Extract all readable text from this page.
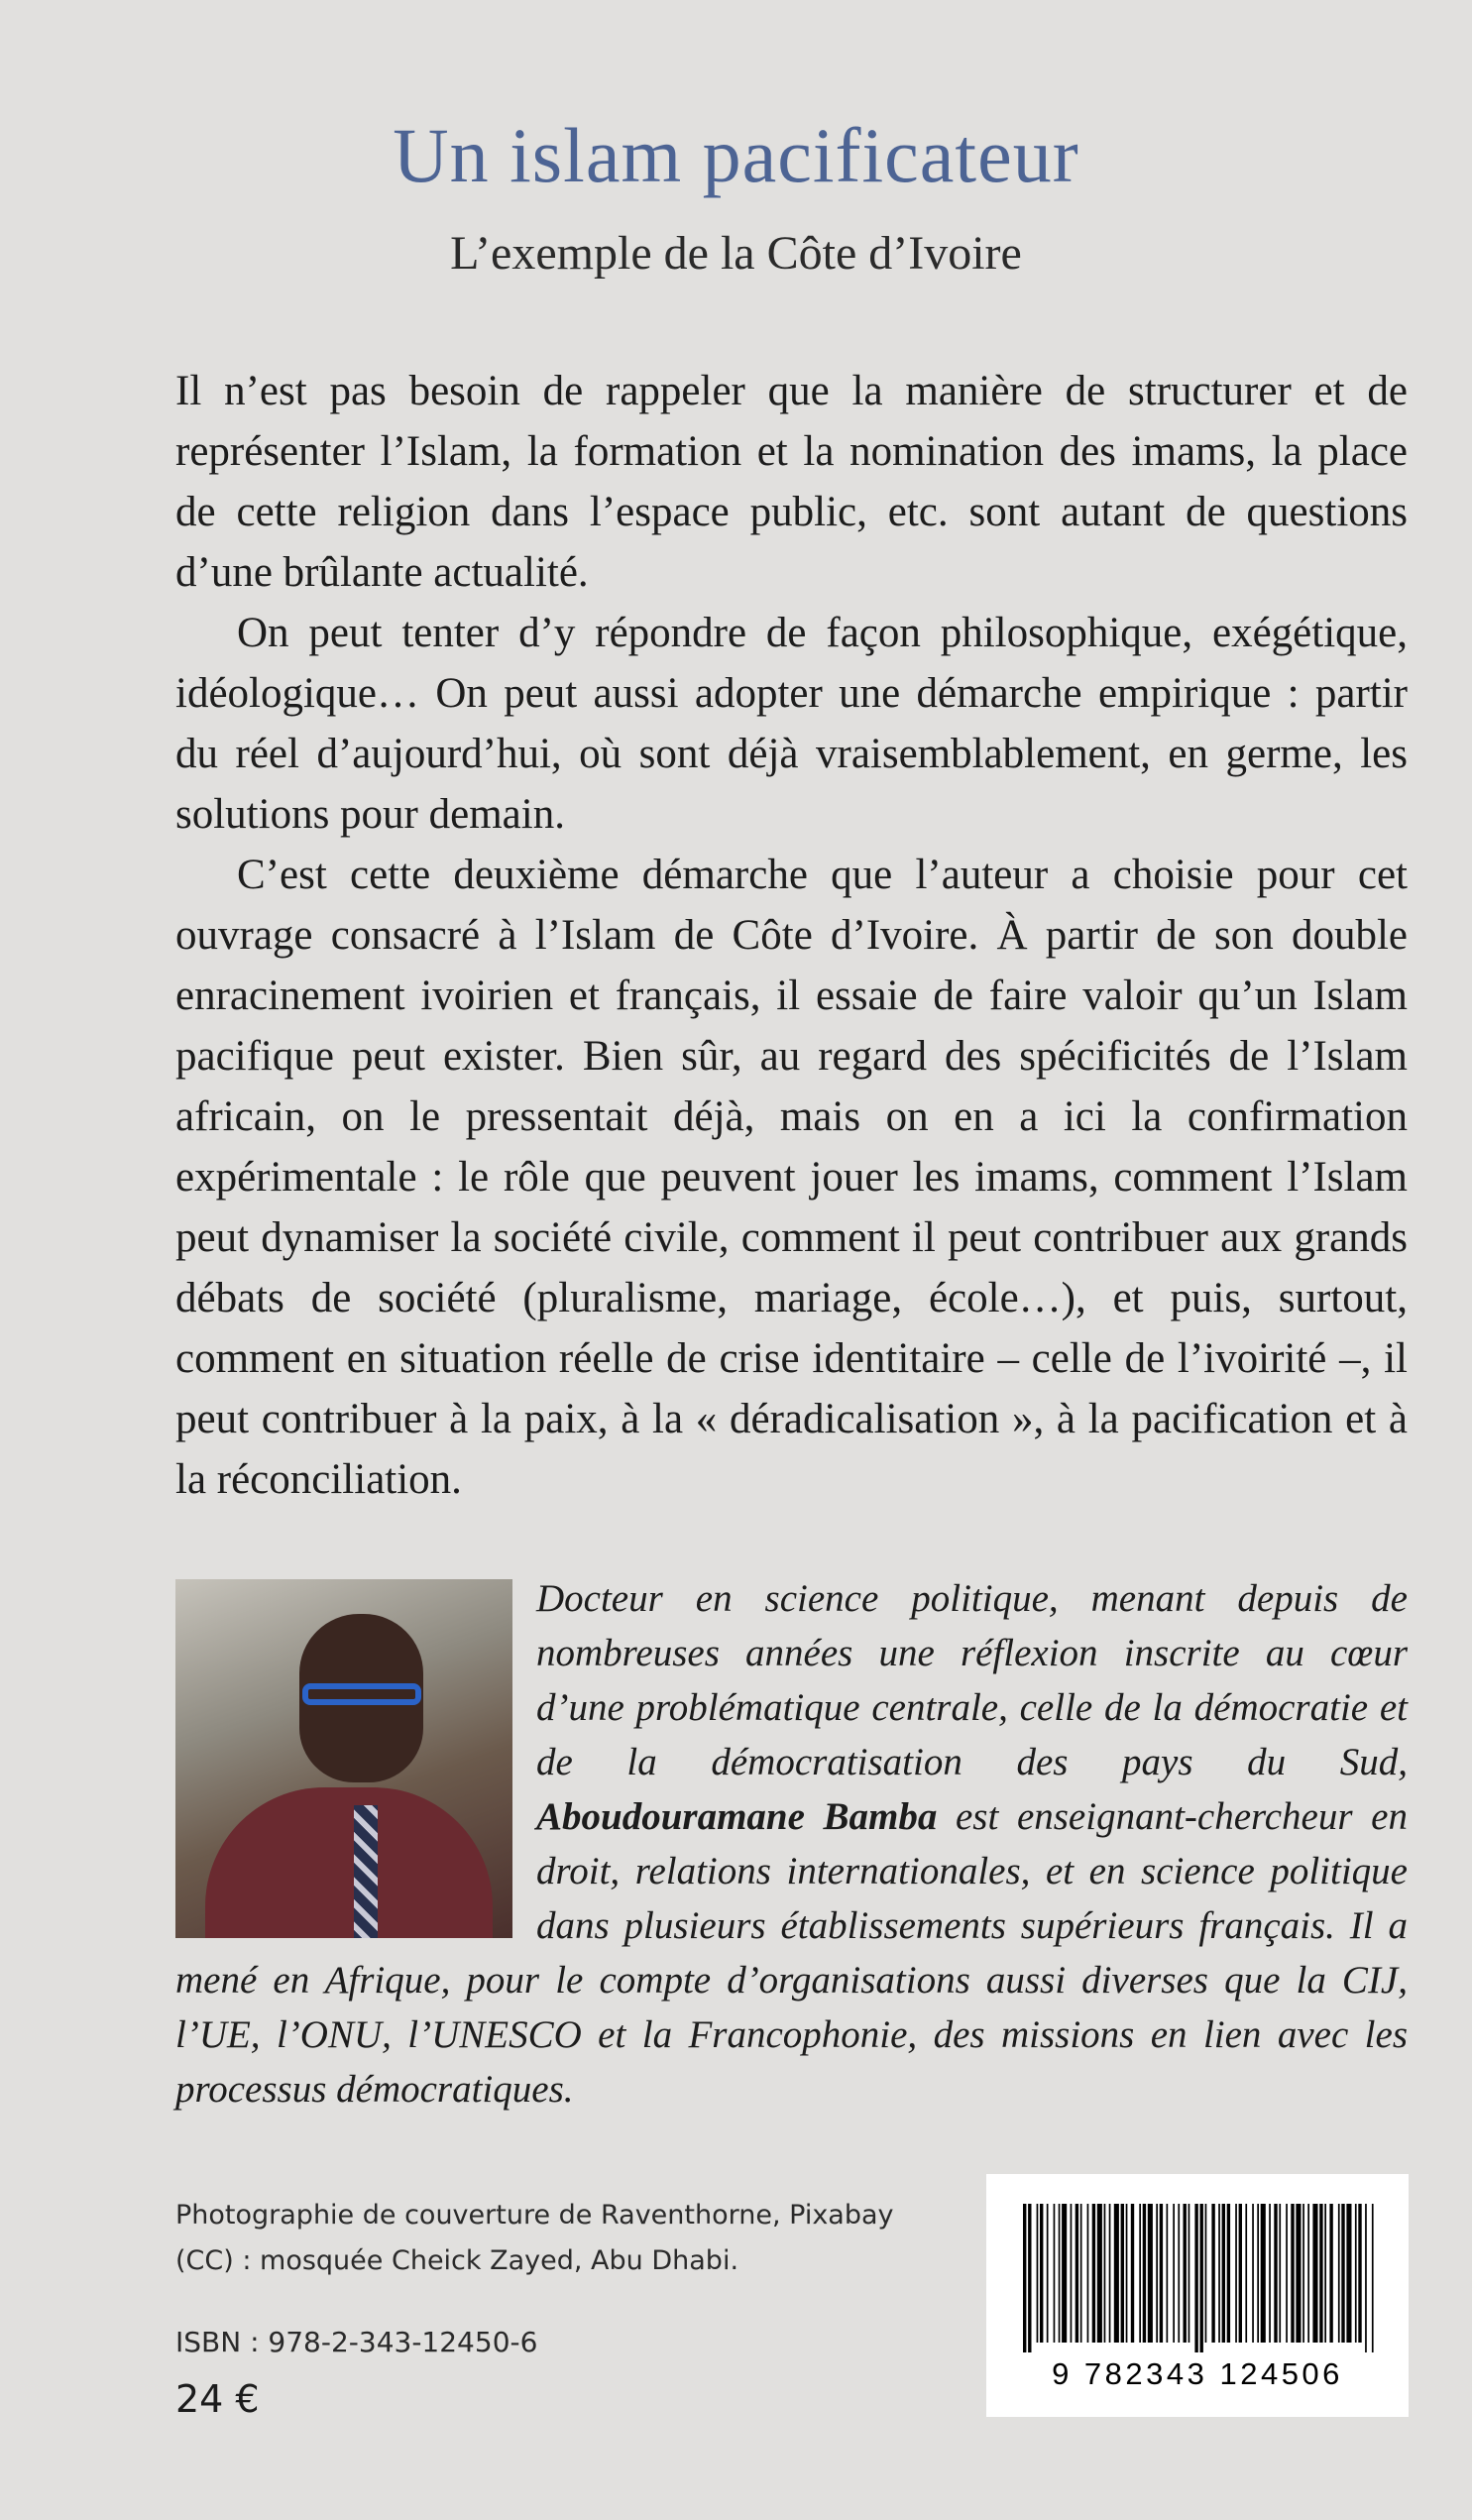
Un islam pacificateur
L’exemple de la Côte d’Ivoire

Il n’est pas besoin de rappeler que la manière de structurer et de représenter l’Islam, la formation et la nomination des imams, la place de cette religion dans l’espace public, etc. sont autant de questions d’une brûlante actualité.

On peut tenter d’y répondre de façon philosophique, exégétique, idéologique… On peut aussi adopter une démarche empirique : partir du réel d’aujourd’hui, où sont déjà vraisemblablement, en germe, les solutions pour demain.

C’est cette deuxième démarche que l’auteur a choisie pour cet ouvrage consacré à l’Islam de Côte d’Ivoire. À partir de son double enracinement ivoirien et français, il essaie de faire valoir qu’un Islam pacifique peut exister. Bien sûr, au regard des spécificités de l’Islam africain, on le pressentait déjà, mais on en a ici la confirmation expérimentale : le rôle que peuvent jouer les imams, comment l’Islam peut dynamiser la société civile, comment il peut contribuer aux grands débats de société (pluralisme, mariage, école…), et puis, surtout, comment en situation réelle de crise identitaire – celle de l’ivoirité –, il peut contribuer à la paix, à la « déradicalisation », à la pacification et à la réconciliation.

Docteur en science politique, menant depuis de nombreuses années une réflexion inscrite au cœur d’une problématique centrale, celle de la démocratie et de la démocratisation des pays du Sud, Aboudouramane Bamba est enseignant-chercheur en droit, relations internationales, et en science politique dans plusieurs établissements supérieurs français. Il a mené en Afrique, pour le compte d’organisations aussi diverses que la CIJ, l’UE, l’ONU, l’UNESCO et la Francophonie, des missions en lien avec les processus démocratiques.

Photographie de couverture de Raventhorne, Pixabay (CC) : mosquée Cheick Zayed, Abu Dhabi.
ISBN : 978-2-343-12450-6
24 €
9 782343 124506
